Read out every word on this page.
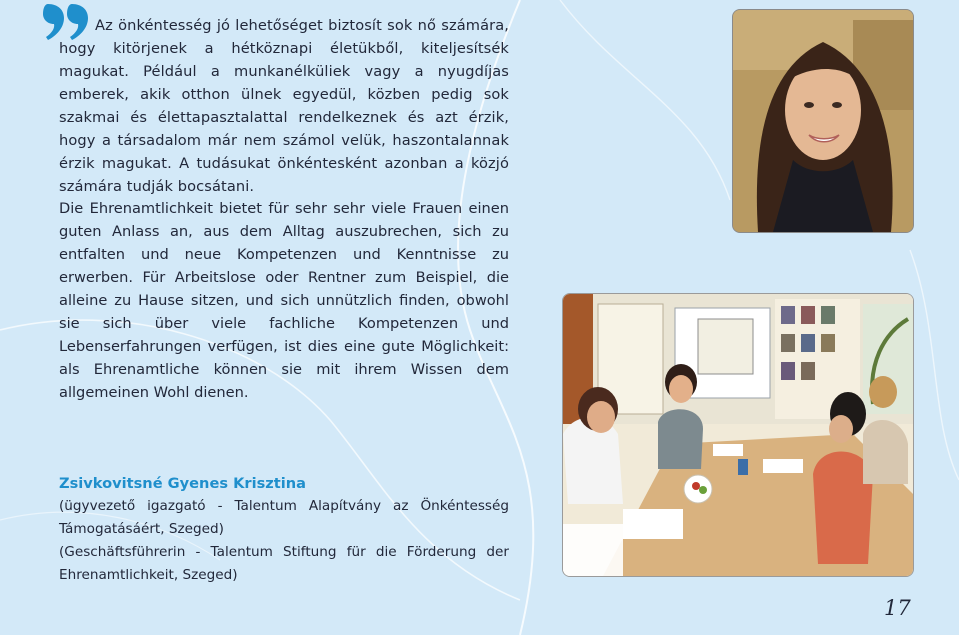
Az önkéntesség jó lehetőséget biztosít sok nő számára, hogy kitörjenek a hétköznapi életükből, kiteljesítsék magukat. Például a munkanélküliek vagy a nyugdíjas emberek, akik otthon ülnek egyedül, közben pedig sok szakmai és élettapasztalattal rendelkeznek és azt érzik, hogy a társadalom már nem számol velük, haszontalannak érzik magukat. A tudásukat önkéntesként azonban a közjó számára tudják bocsátani.

Die Ehrenamtlichkeit bietet für sehr sehr viele Frauen einen guten Anlass an, aus dem Alltag auszubrechen, sich zu entfalten und neue Kompetenzen und Kenntnisse zu erwerben. Für Arbeitslose oder Rentner zum Beispiel, die alleine zu Hause sitzen, und sich unnützlich finden, obwohl sie sich über viele fachliche Kompetenzen und Lebenserfahrungen verfügen, ist dies eine gute Möglichkeit: als Ehrenamtliche können sie mit ihrem Wissen dem allgemeinen Wohl dienen.

Zsivkovitsné Gyenes Krisztina

(ügyvezető igazgató - Talentum Alapítvány az Önkéntesség Támogatásáért, Szeged)

(Geschäftsführerin - Talentum Stiftung für die Förderung der Ehrenamtlichkeit, Szeged)

17
